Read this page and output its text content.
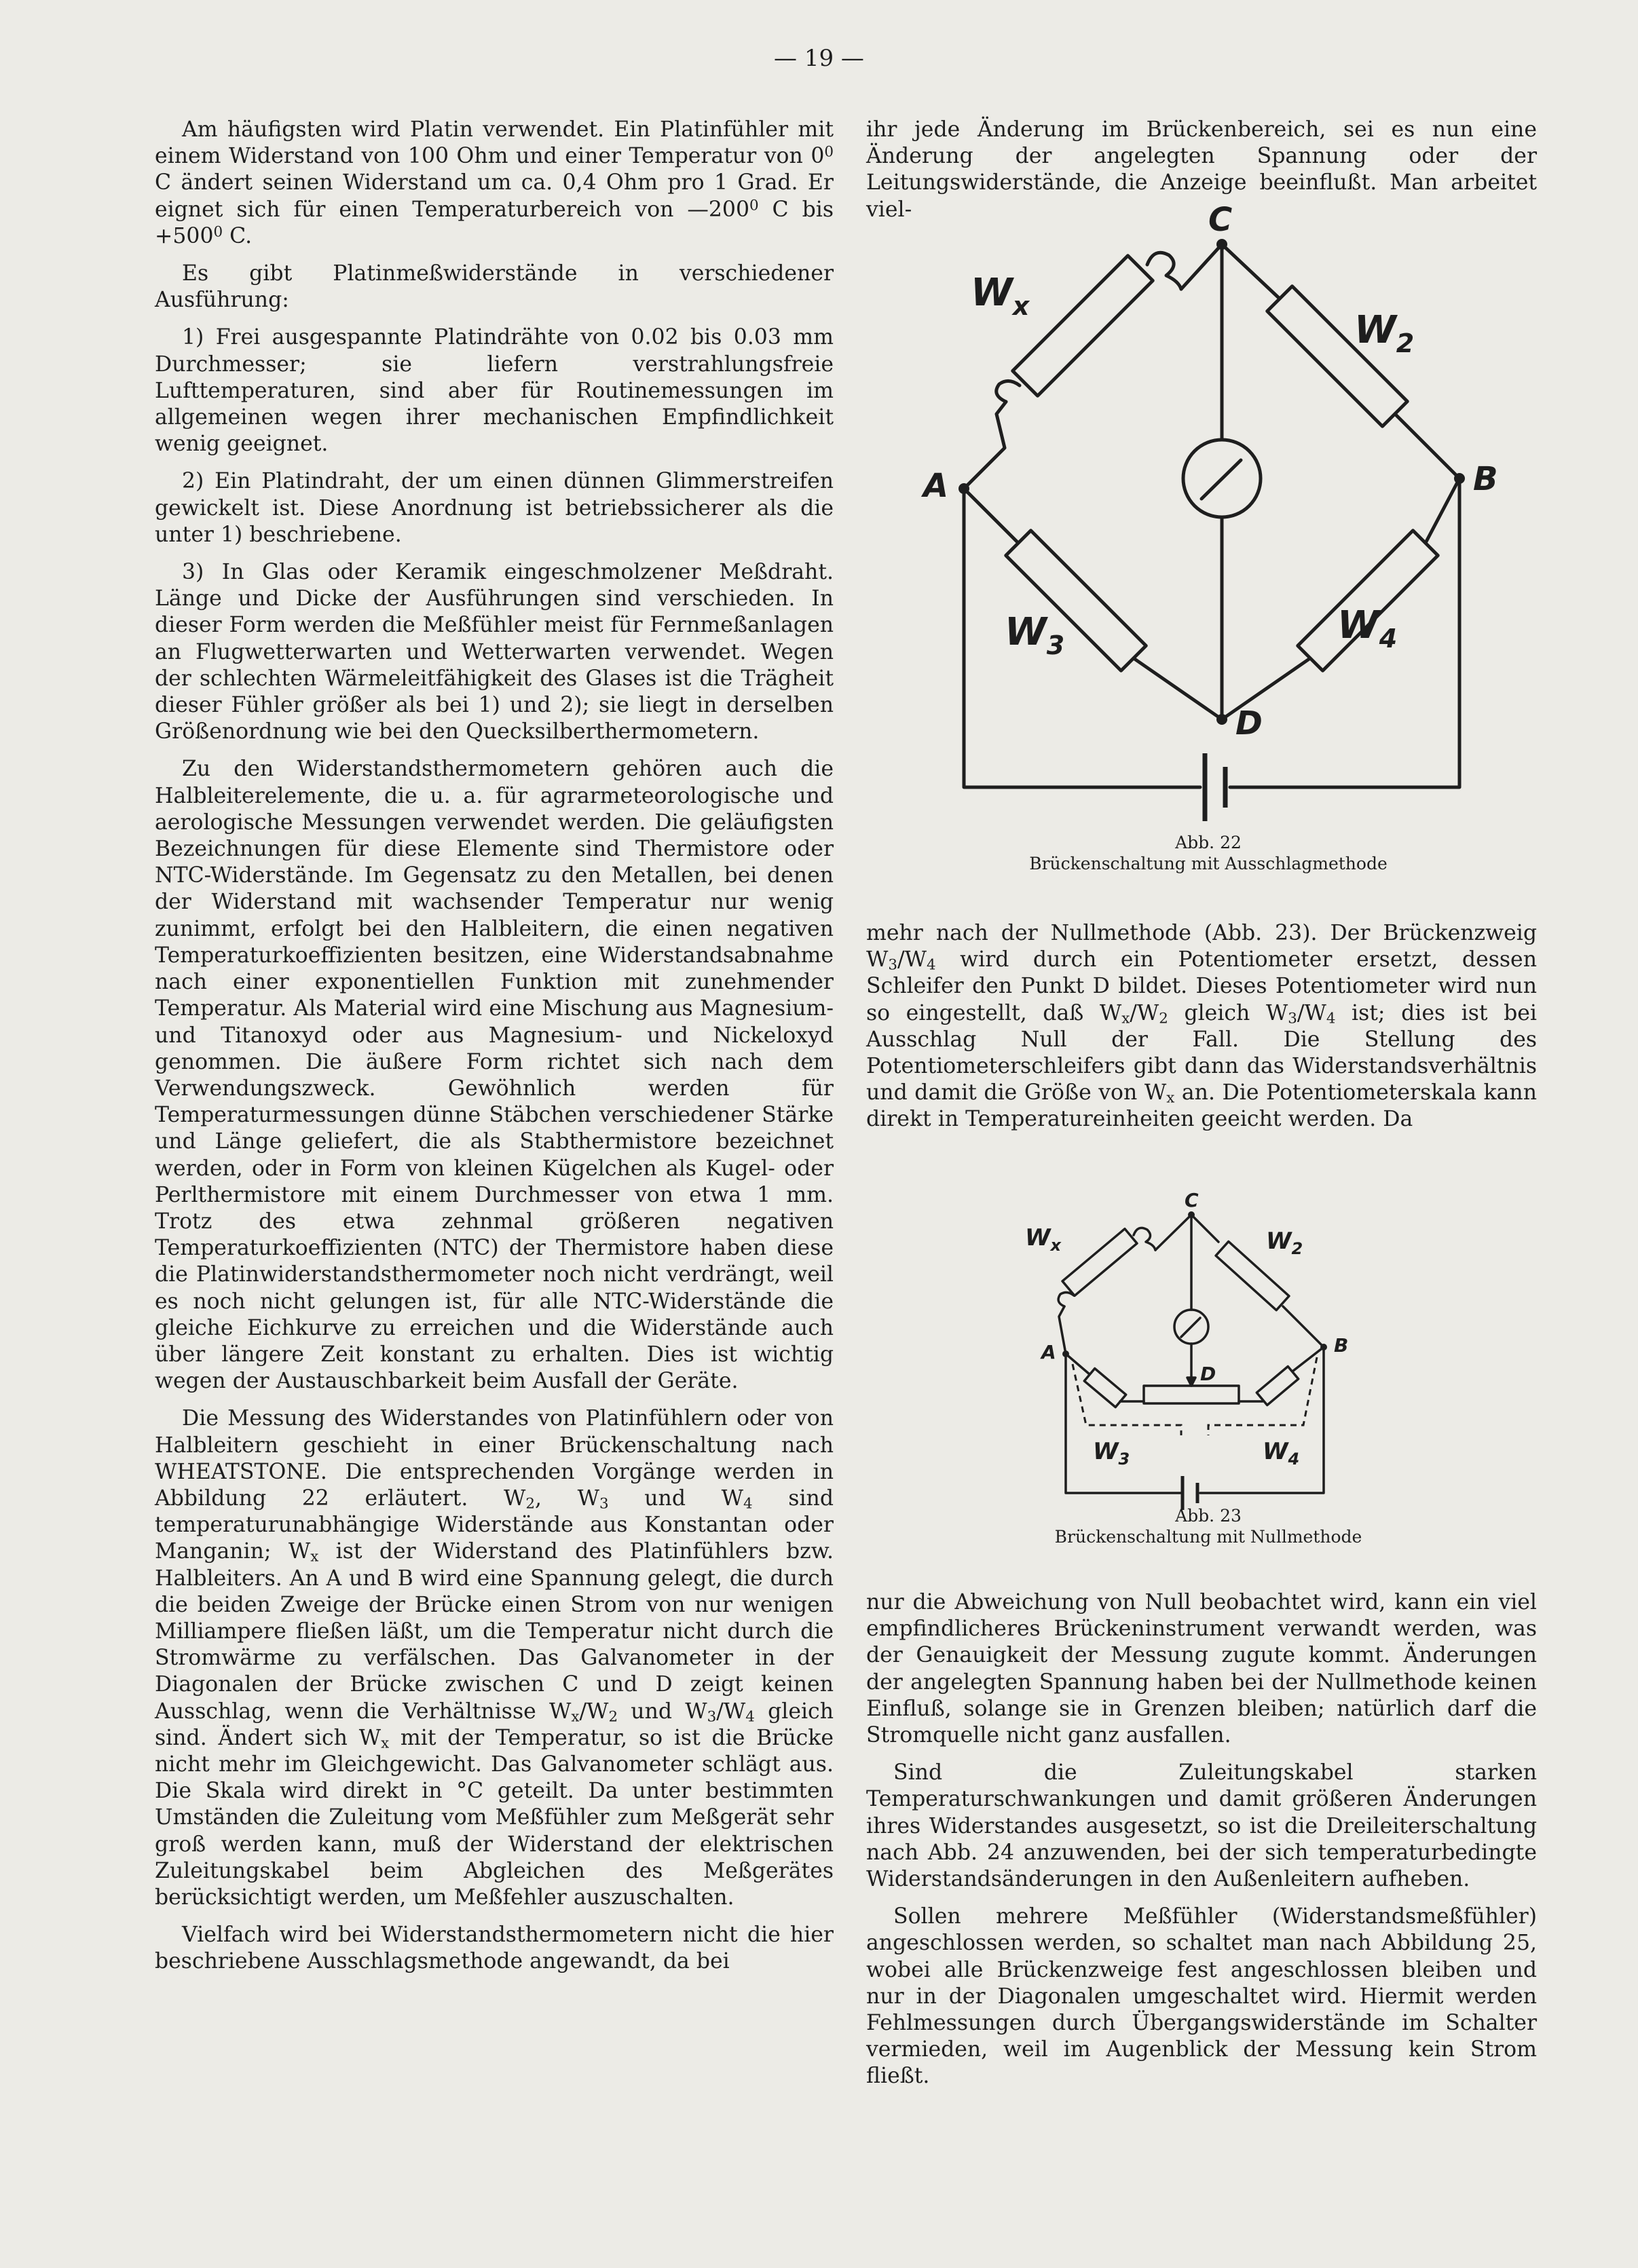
— 19 —

Am häufigsten wird Platin verwendet. Ein Platinfühler mit einem Widerstand von 100 Ohm und einer Temperatur von $0^0$ C ändert seinen Widerstand um ca. 0,4 Ohm pro 1 Grad. Er eignet sich für einen Temperaturbereich von $—200^0$ C bis $+500^0$ C.

Es gibt Platinmeßwiderstände in verschiedener Ausführung:

1) Frei ausgespannte Platindrähte von 0.02 bis 0.03 mm Durchmesser; sie liefern verstrahlungsfreie Lufttemperaturen, sind aber für Routinemessungen im allgemeinen wegen ihrer mechanischen Empfindlichkeit wenig geeignet.

2) Ein Platindraht, der um einen dünnen Glimmerstreifen gewickelt ist. Diese Anordnung ist betriebssicherer als die unter 1) beschriebene.

3) In Glas oder Keramik eingeschmolzener Meßdraht. Länge und Dicke der Ausführungen sind verschieden. In dieser Form werden die Meßfühler meist für Fernmeßanlagen an Flugwetterwarten und Wetterwarten verwendet. Wegen der schlechten Wärmeleitfähigkeit des Glases ist die Trägheit dieser Fühler größer als bei 1) und 2); sie liegt in derselben Größenordnung wie bei den Quecksilberthermometern.

Zu den Widerstandsthermometern gehören auch die Halbleiterelemente, die u. a. für agrarmeteorologische und aerologische Messungen verwendet werden. Die geläufigsten Bezeichnungen für diese Elemente sind Thermistore oder NTC-Widerstände. Im Gegensatz zu den Metallen, bei denen der Widerstand mit wachsender Temperatur nur wenig zunimmt, erfolgt bei den Halbleitern, die einen negativen Temperaturkoeffizienten besitzen, eine Widerstandsabnahme nach einer exponentiellen Funktion mit zunehmender Temperatur. Als Material wird eine Mischung aus Magnesium- und Titanoxyd oder aus Magnesium- und Nickeloxyd genommen. Die äußere Form richtet sich nach dem Verwendungszweck. Gewöhnlich werden für Temperaturmessungen dünne Stäbchen verschiedener Stärke und Länge geliefert, die als Stabthermistore bezeichnet werden, oder in Form von kleinen Kügelchen als Kugel- oder Perlthermistore mit einem Durchmesser von etwa 1 mm. Trotz des etwa zehnmal größeren negativen Temperaturkoeffizienten (NTC) der Thermistore haben diese die Platinwiderstandsthermometer noch nicht verdrängt, weil es noch nicht gelungen ist, für alle NTC-Widerstände die gleiche Eichkurve zu erreichen und die Widerstände auch über längere Zeit konstant zu erhalten. Dies ist wichtig wegen der Austauschbarkeit beim Ausfall der Geräte.

Die Messung des Widerstandes von Platinfühlern oder von Halbleitern geschieht in einer Brückenschaltung nach WHEATSTONE. Die entsprechenden Vorgänge werden in Abbildung 22 erläutert. $W_2$, $W_3$ und $W_4$ sind temperaturunabhängige Widerstände aus Konstantan oder Manganin; $W_x$ ist der Widerstand des Platinfühlers bzw. Halbleiters. An A und B wird eine Spannung gelegt, die durch die beiden Zweige der Brücke einen Strom von nur wenigen Milliampere fließen läßt, um die Temperatur nicht durch die Stromwärme zu verfälschen. Das Galvanometer in der Diagonalen der Brücke zwischen C und D zeigt keinen Ausschlag, wenn die Verhältnisse $W_x/W_2$ und $W_3/W_4$ gleich sind. Ändert sich $W_x$ mit der Temperatur, so ist die Brücke nicht mehr im Gleichgewicht. Das Galvanometer schlägt aus. Die Skala wird direkt in °C geteilt. Da unter bestimmten Umständen die Zuleitung vom Meßfühler zum Meßgerät sehr groß werden kann, muß der Widerstand der elektrischen Zuleitungskabel beim Abgleichen des Meßgerätes berücksichtigt werden, um Meßfehler auszuschalten.

Vielfach wird bei Widerstandsthermometern nicht die hier beschriebene Ausschlagsmethode angewandt, da bei

ihr jede Änderung im Brückenbereich, sei es nun eine Änderung der angelegten Spannung oder der Leitungswiderstände, die Anzeige beeinflußt. Man arbeitet viel-

mehr nach der Nullmethode (Abb. 23). Der Brückenzweig $W_3/W_4$ wird durch ein Potentiometer ersetzt, dessen Schleifer den Punkt D bildet. Dieses Potentiometer wird nun so eingestellt, daß $W_x/W_2$ gleich $W_3/W_4$ ist; dies ist bei Ausschlag Null der Fall. Die Stellung des Potentiometerschleifers gibt dann das Widerstandsverhältnis und damit die Größe von $W_x$ an. Die Potentiometerskala kann direkt in Temperatureinheiten geeicht werden. Da

nur die Abweichung von Null beobachtet wird, kann ein viel empfindlicheres Brückeninstrument verwandt werden, was der Genauigkeit der Messung zugute kommt. Änderungen der angelegten Spannung haben bei der Nullmethode keinen Einfluß, solange sie in Grenzen bleiben; natürlich darf die Stromquelle nicht ganz ausfallen.

Sind die Zuleitungskabel starken Temperaturschwankungen und damit größeren Änderungen ihres Widerstandes ausgesetzt, so ist die Dreileiterschaltung nach Abb. 24 anzuwenden, bei der sich temperaturbedingte Widerstandsänderungen in den Außenleitern aufheben.

Sollen mehrere Meßfühler (Widerstandsmeßfühler) angeschlossen werden, so schaltet man nach Abbildung 25, wobei alle Brückenzweige fest angeschlossen bleiben und nur in der Diagonalen umgeschaltet wird. Hiermit werden Fehlmessungen durch Übergangswiderstände im Schalter vermieden, weil im Augenblick der Messung kein Strom fließt.

A	B
C
D
$W_x$
$W_2$
$W_3$	$W_4$
Abb. 22
Brückenschaltung mit Ausschlagmethode
A	B
C
D
$W_x$	$W_2$
$W_3$	$W_4$
Abb. 23
Brückenschaltung mit Nullmethode
